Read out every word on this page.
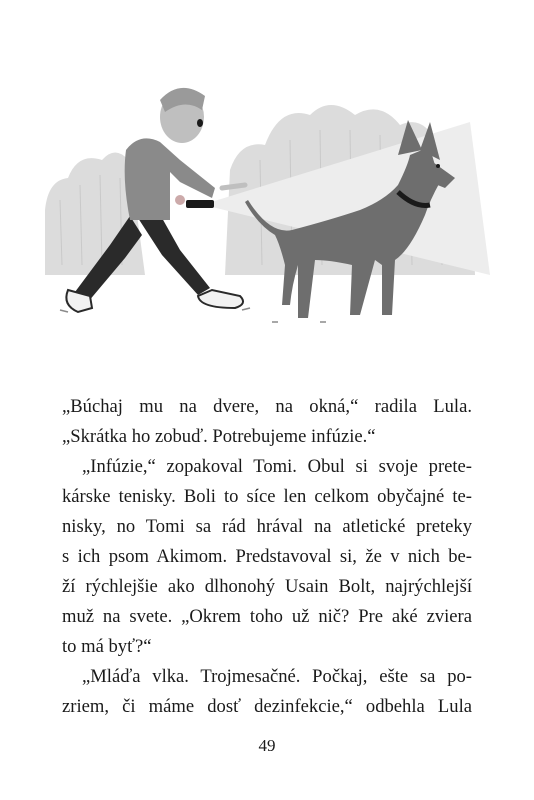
„Búchaj mu na dvere, na okná,“ radila Lula.
„Skrátka ho zobuď. Potrebujeme infúzie.“

„Infúzie,“ zopakoval Tomi. Obul si svoje prete-
kárske tenisky. Boli to síce len celkom obyčajné te-
nisky, no Tomi sa rád hrával na atletické preteky
s ich psom Akimom. Predstavoval si, že v nich be-
ží rýchlejšie ako dlhonohý Usain Bolt, najrýchlejší
muž na svete. „Okrem toho už nič? Pre aké zviera
to má byť?“

„Mláďa vlka. Trojmesačné. Počkaj, ešte sa po-
zriem, či máme dosť dezinfekcie,“ odbehla Lula

49
